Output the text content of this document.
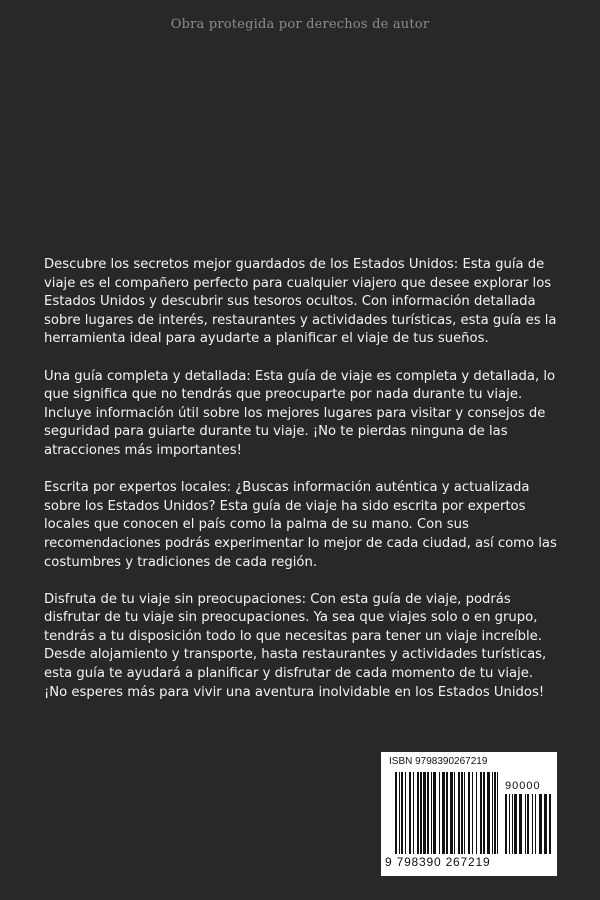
Obra protegida por derechos de autor

Descubre los secretos mejor guardados de los Estados Unidos: Esta guía de viaje es el compañero perfecto para cualquier viajero que desee explorar los Estados Unidos y descubrir sus tesoros ocultos. Con información detallada sobre lugares de interés, restaurantes y actividades turísticas, esta guía es la herramienta ideal para ayudarte a planificar el viaje de tus sueños.

Una guía completa y detallada: Esta guía de viaje es completa y detallada, lo que significa que no tendrás que preocuparte por nada durante tu viaje. Incluye información útil sobre los mejores lugares para visitar y consejos de seguridad para guiarte durante tu viaje. ¡No te pierdas ninguna de las atracciones más importantes!

Escrita por expertos locales: ¿Buscas información auténtica y actualizada sobre los Estados Unidos? Esta guía de viaje ha sido escrita por expertos locales que conocen el país como la palma de su mano. Con sus recomendaciones podrás experimentar lo mejor de cada ciudad, así como las costumbres y tradiciones de cada región.

Disfruta de tu viaje sin preocupaciones: Con esta guía de viaje, podrás disfrutar de tu viaje sin preocupaciones. Ya sea que viajes solo o en grupo, tendrás a tu disposición todo lo que necesitas para tener un viaje increíble. Desde alojamiento y transporte, hasta restaurantes y actividades turísticas, esta guía te ayudará a planificar y disfrutar de cada momento de tu viaje. ¡No esperes más para vivir una aventura inolvidable en los Estados Unidos!

ISBN 9798390267219
90000
9 798390 267219
